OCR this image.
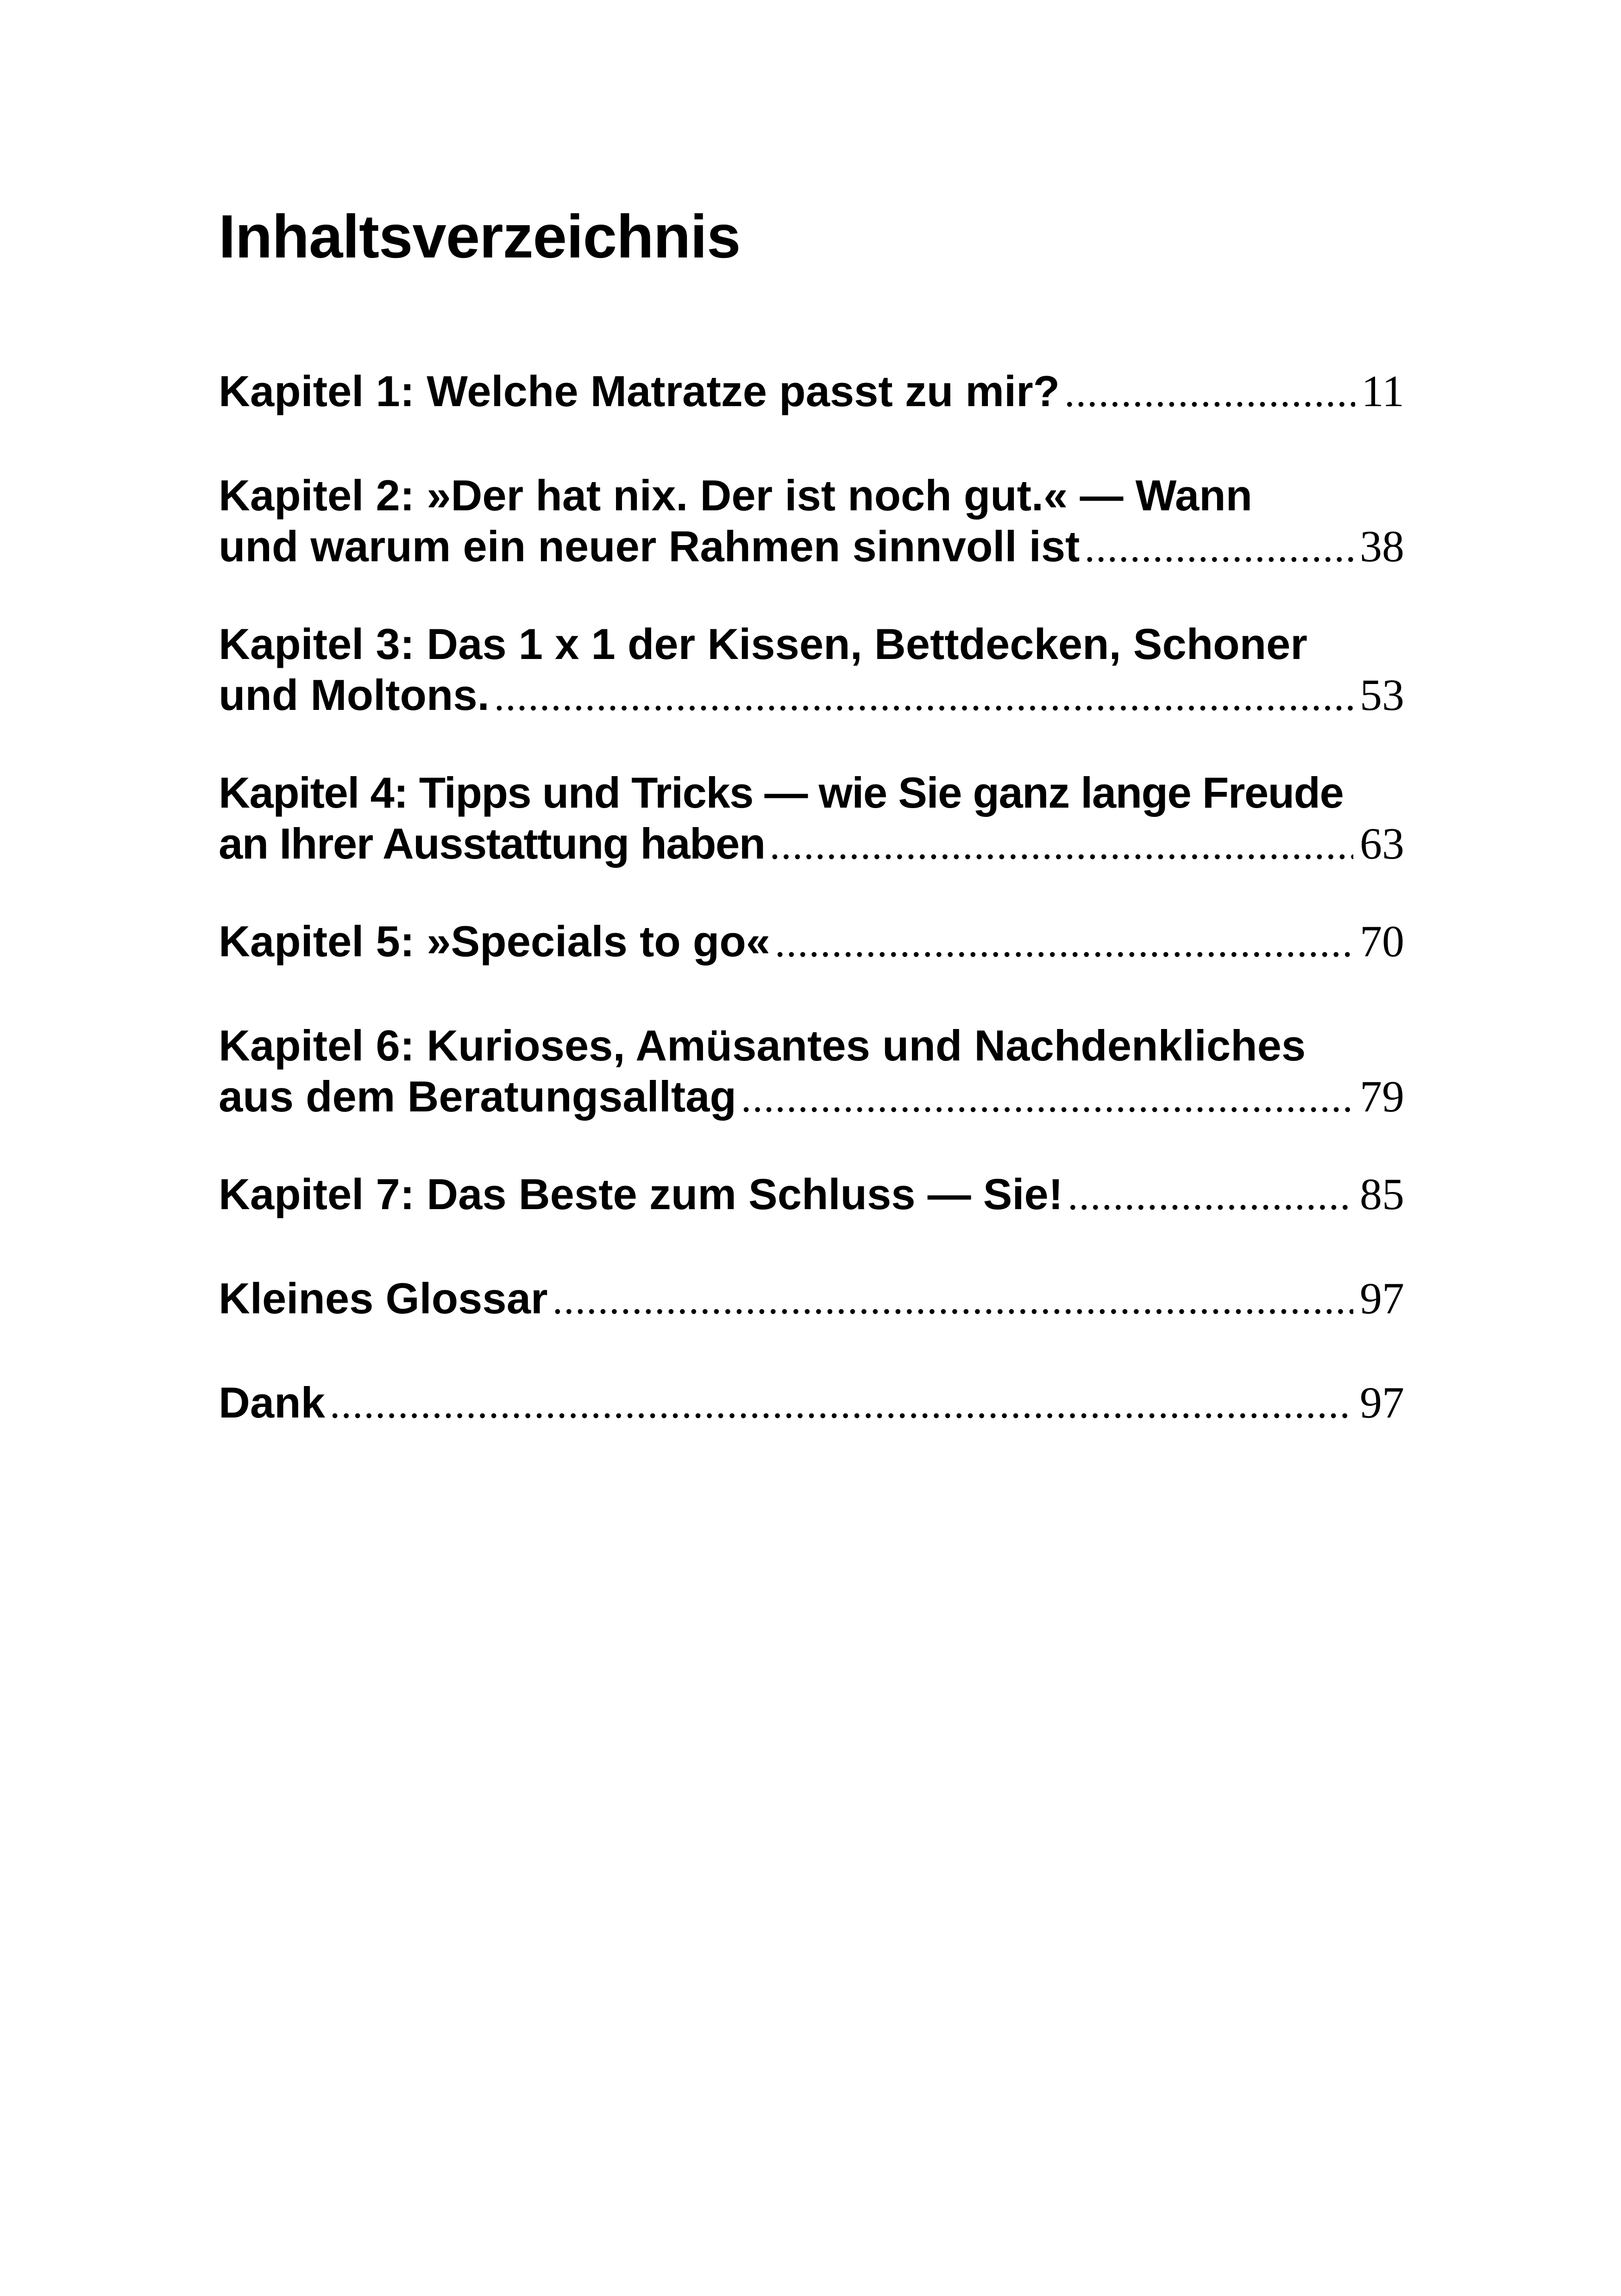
Inhaltsverzeichnis
Kapitel 1: Welche Matratze passt zu mir? .....	11
Kapitel 2: »Der hat nix. Der ist noch gut.« — Wann
und warum ein neuer Rahmen sinnvoll ist .....	38
Kapitel 3: Das 1 x 1 der Kissen, Bettdecken, Schoner
und Moltons. .....	53
Kapitel 4: Tipps und Tricks — wie Sie ganz lange Freude
an Ihrer Ausstattung haben .....	63
Kapitel 5: »Specials to go« .....	70
Kapitel 6: Kurioses, Amüsantes und Nachdenkliches
aus dem Beratungsalltag .....	79
Kapitel 7: Das Beste zum Schluss — Sie! .....	85
Kleines Glossar .....	97
Dank .....	97
